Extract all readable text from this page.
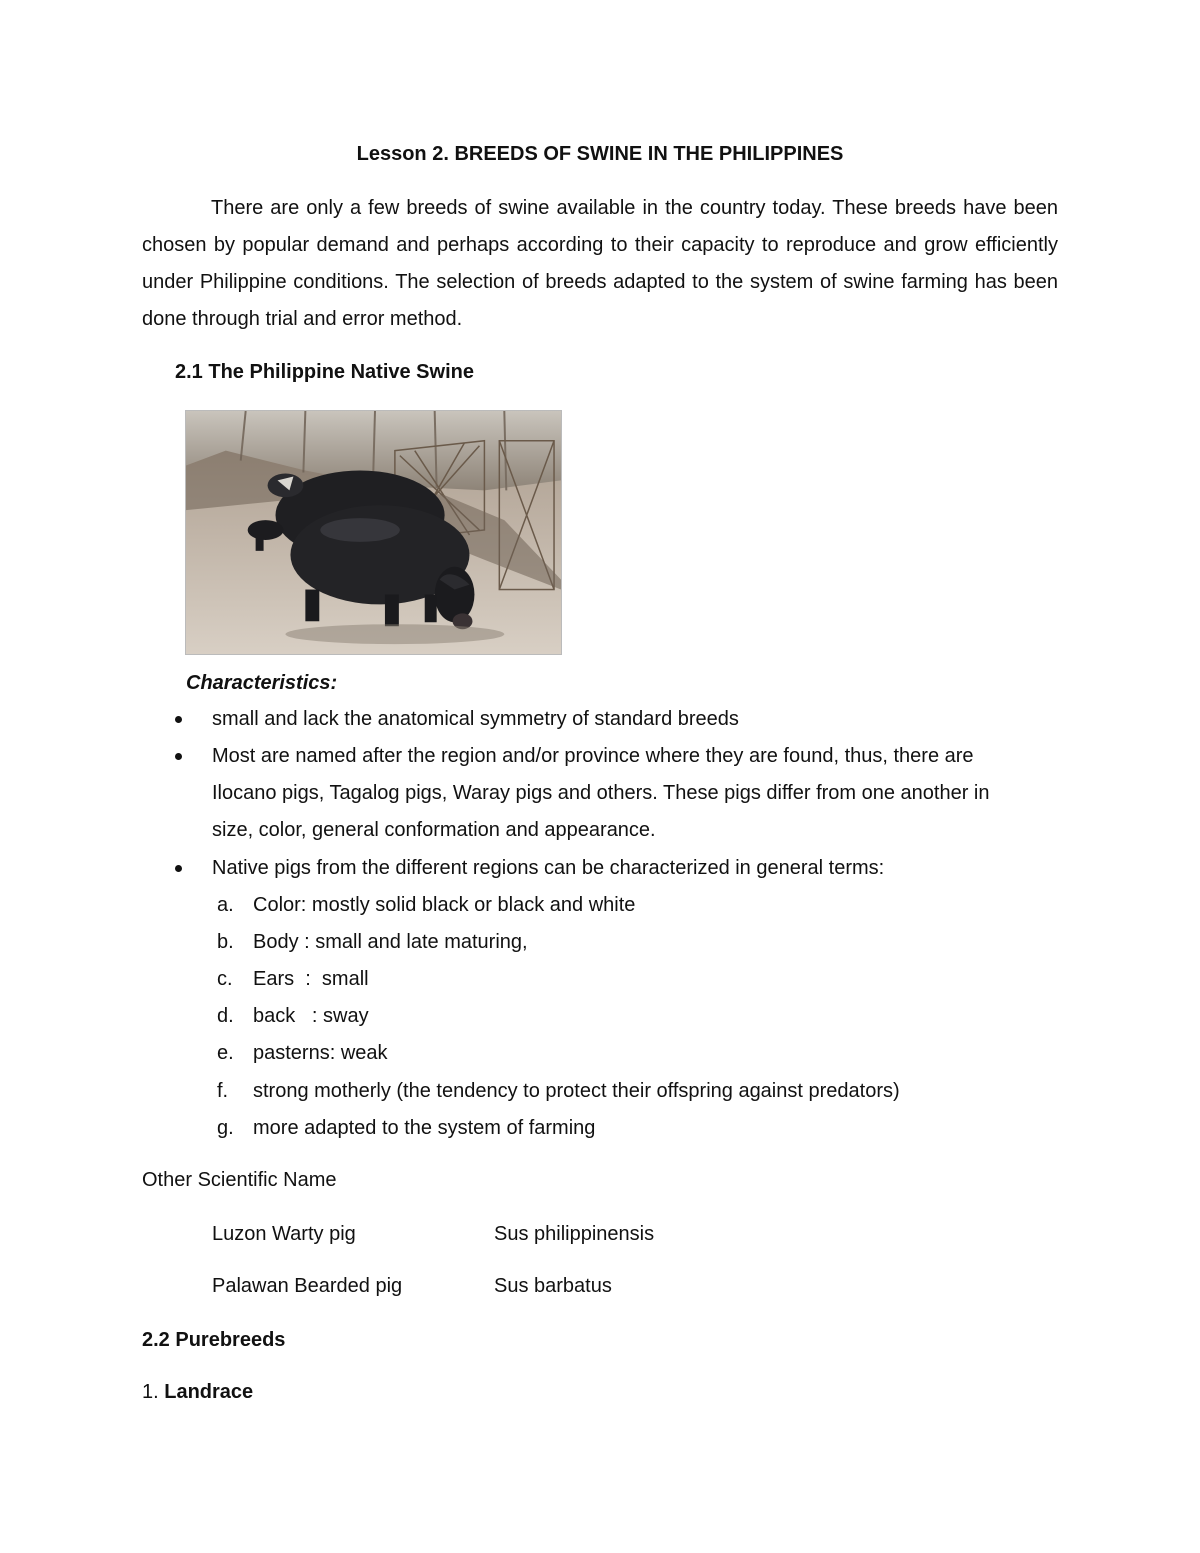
Lesson 2. BREEDS OF SWINE IN THE PHILIPPINES
There are only a few breeds of swine available in the country today. These breeds have been chosen by popular demand and perhaps according to their capacity to reproduce and grow efficiently under Philippine conditions. The selection of breeds adapted to the system of swine farming has been done through trial and error method.
2.1 The Philippine Native Swine
Characteristics:
small and lack the anatomical symmetry of standard breeds
Most are named after the region and/or province where they are found, thus, there are
Ilocano pigs, Tagalog pigs, Waray pigs and others. These pigs differ from one another in
size, color, general conformation and appearance.
Native pigs from the different regions can be characterized in general terms:
a. Color: mostly solid black or black and white
b. Body : small and late maturing,
c. Ears  :  small
d. back   : sway
e. pasterns: weak
f. strong motherly (the tendency to protect their offspring against predators)
g. more adapted to the system of farming
Other Scientific Name
Luzon Warty pig	Sus philippinensis
Palawan Bearded pig	Sus barbatus
2.2 Purebreeds
1. Landrace
